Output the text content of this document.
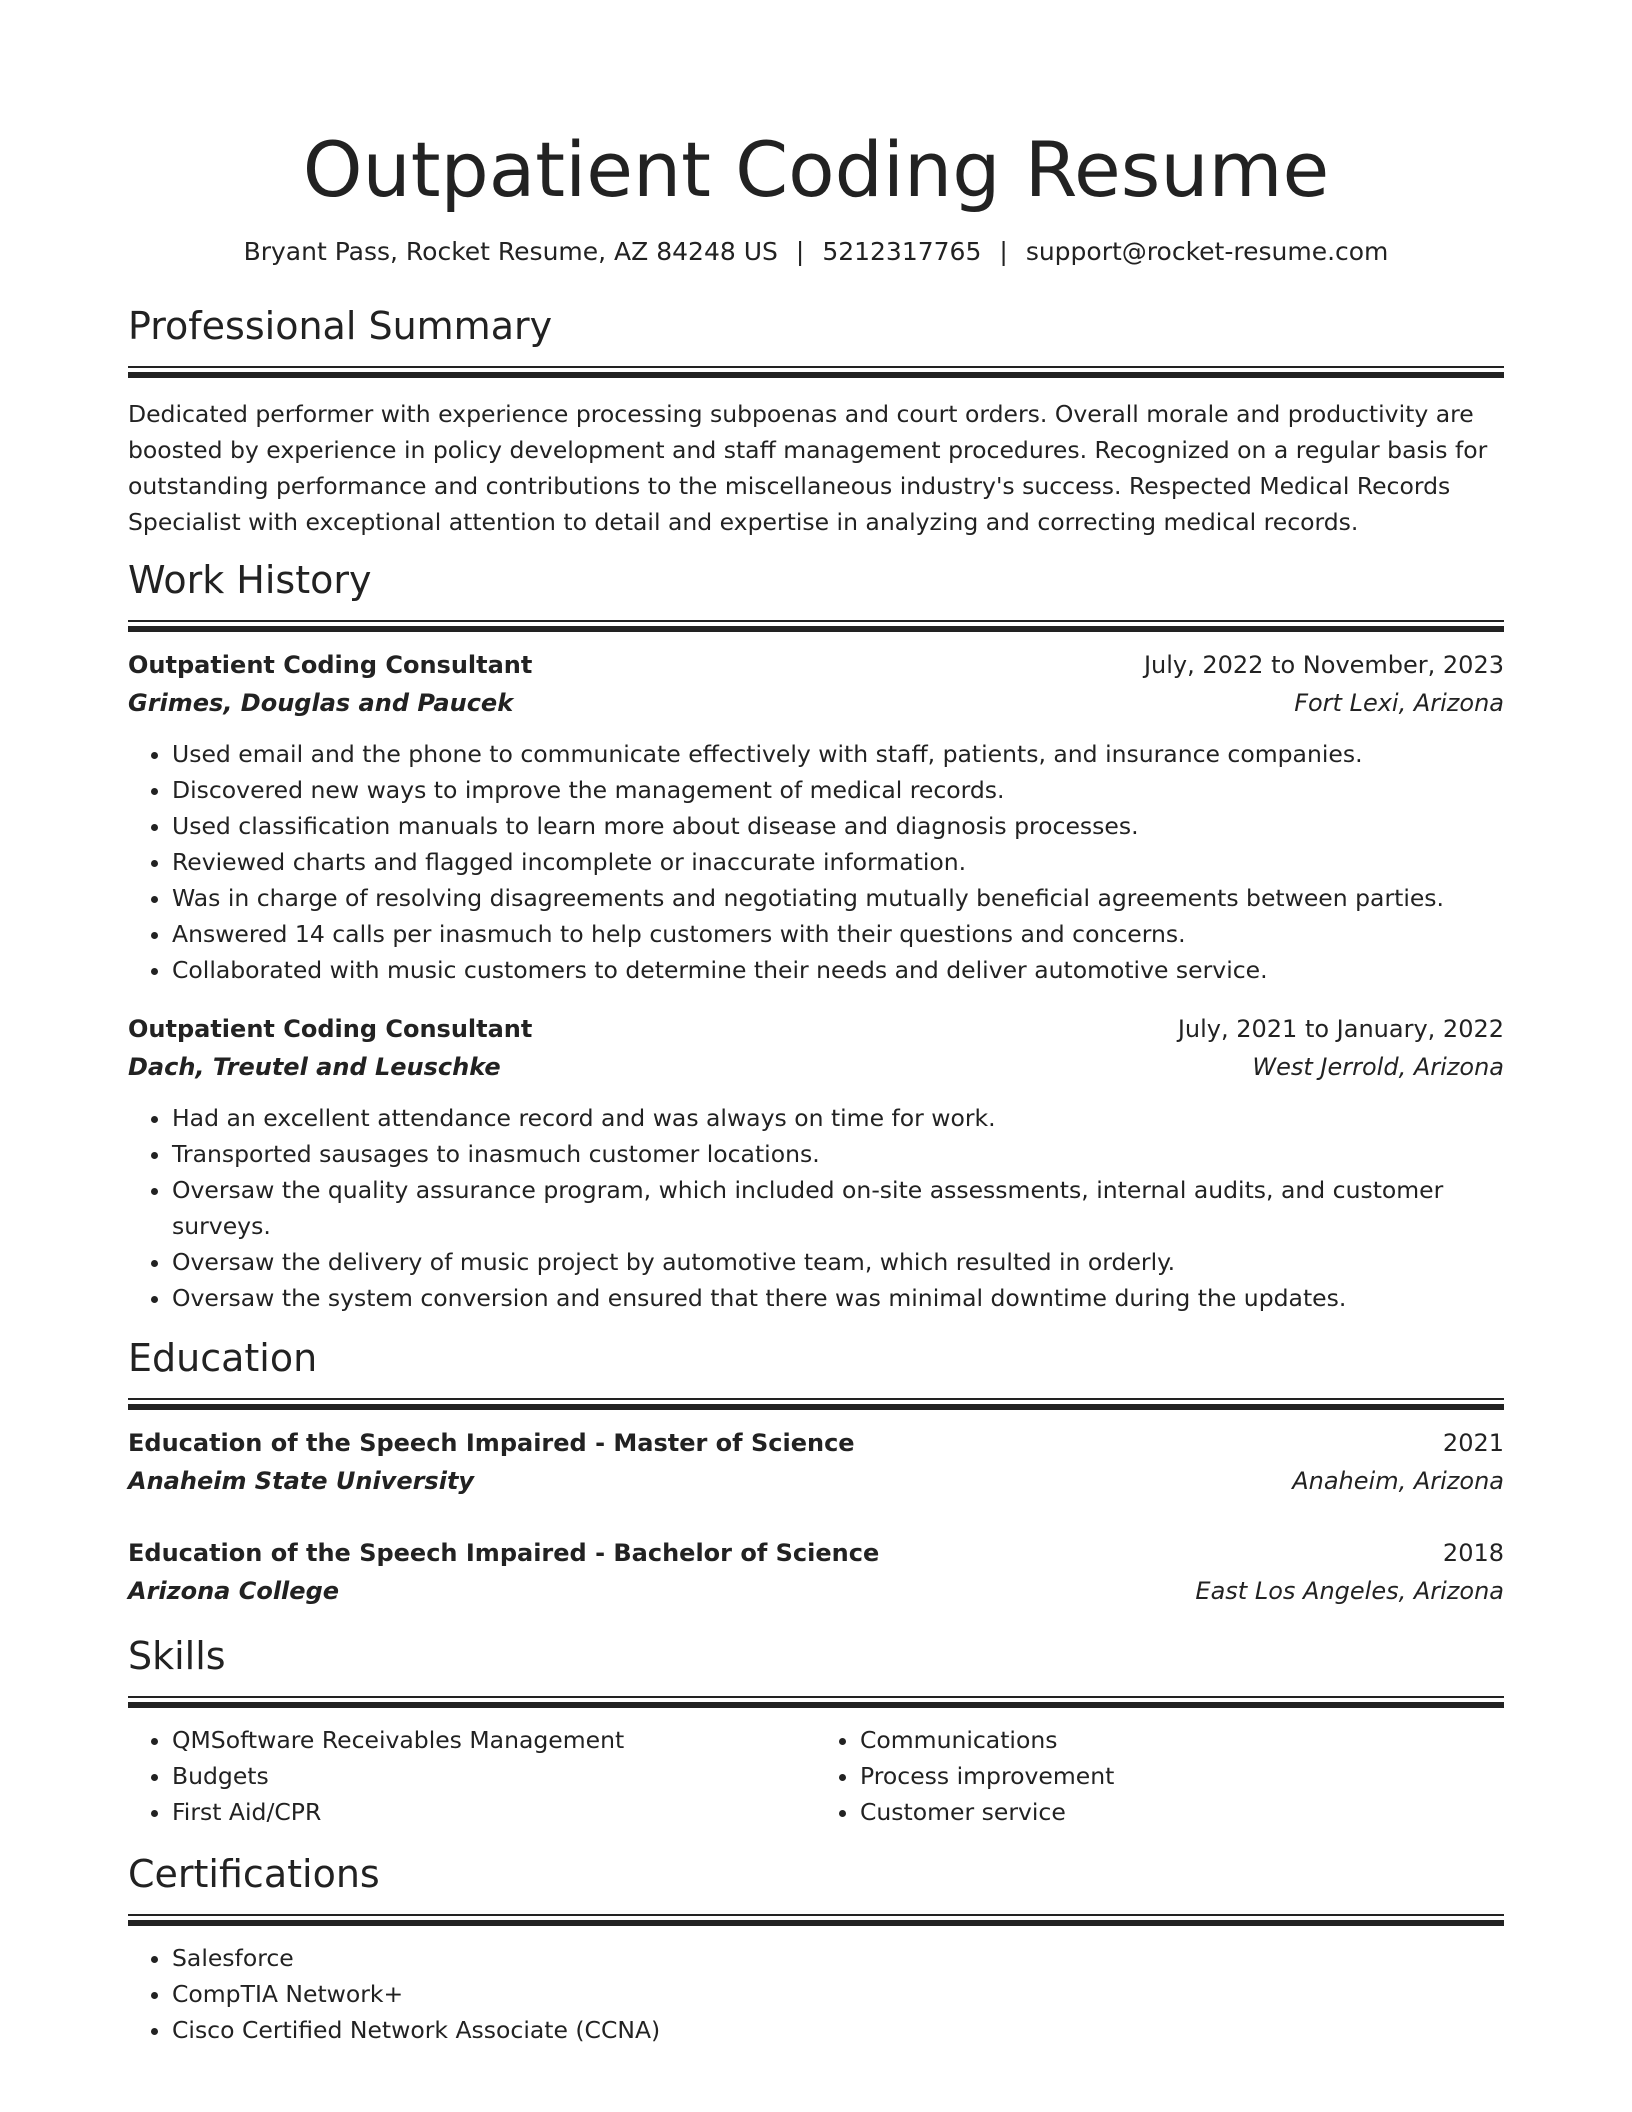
Outpatient Coding Resume
Bryant Pass, Rocket Resume, AZ 84248 US | 5212317765 | support@rocket-resume.com
Professional Summary

Dedicated performer with experience processing subpoenas and court orders. Overall morale and productivity are boosted by experience in policy development and staff management procedures. Recognized on a regular basis for outstanding performance and contributions to the miscellaneous industry's success. Respected Medical Records Specialist with exceptional attention to detail and expertise in analyzing and correcting medical records.

Work History
Outpatient Coding Consultant	July, 2022 to November, 2023
Grimes, Douglas and Paucek	Fort Lexi, Arizona
• Used email and the phone to communicate effectively with staff, patients, and insurance companies.
• Discovered new ways to improve the management of medical records.
• Used classification manuals to learn more about disease and diagnosis processes.
• Reviewed charts and flagged incomplete or inaccurate information.
• Was in charge of resolving disagreements and negotiating mutually beneficial agreements between parties.
• Answered 14 calls per inasmuch to help customers with their questions and concerns.
• Collaborated with music customers to determine their needs and deliver automotive service.
Outpatient Coding Consultant	July, 2021 to January, 2022
Dach, Treutel and Leuschke	West Jerrold, Arizona
• Had an excellent attendance record and was always on time for work.
• Transported sausages to inasmuch customer locations.
• Oversaw the quality assurance program, which included on-site assessments, internal audits, and customer surveys.
• Oversaw the delivery of music project by automotive team, which resulted in orderly.
• Oversaw the system conversion and ensured that there was minimal downtime during the updates.
Education
Education of the Speech Impaired - Master of Science	2021
Anaheim State University	Anaheim, Arizona
Education of the Speech Impaired - Bachelor of Science	2018
Arizona College	East Los Angeles, Arizona
Skills
• QMSoftware Receivables Management
• Budgets
• First Aid/CPR
• Communications
• Process improvement
• Customer service
Certifications
• Salesforce
• CompTIA Network+
• Cisco Certified Network Associate (CCNA)
